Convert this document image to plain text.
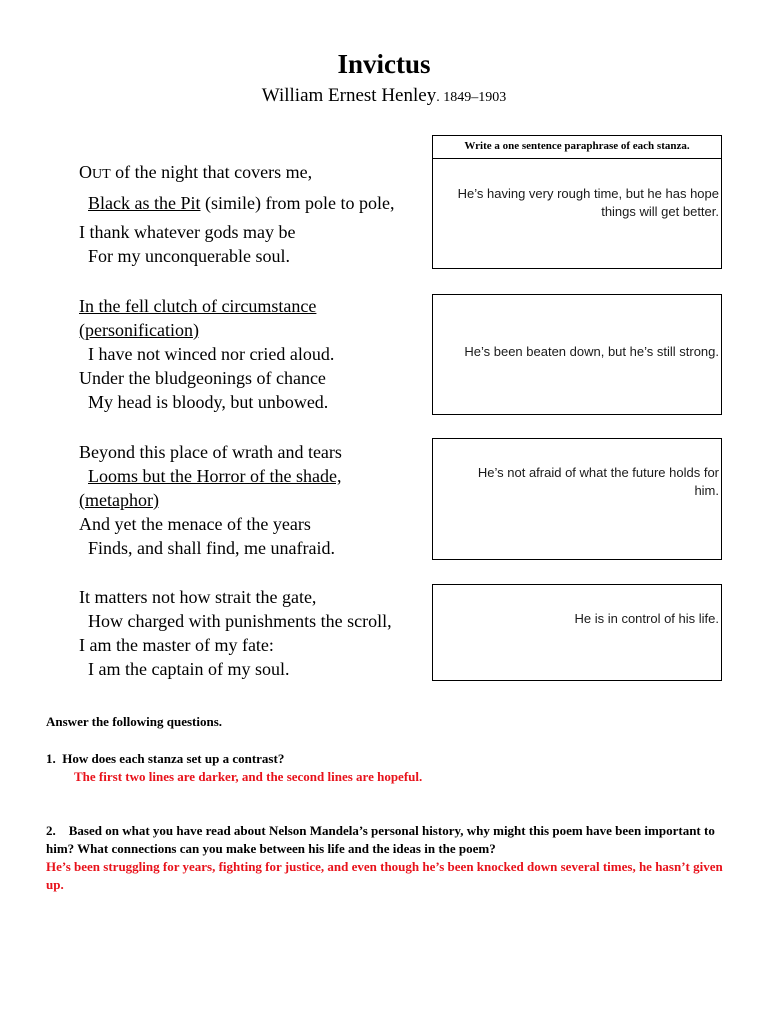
Invictus
William Ernest Henley. 1849–1903
OUT of the night that covers me,
Black as the Pit (simile) from pole to pole,
I thank whatever gods may be
For my unconquerable soul.
In the fell clutch of circumstance
(personification)
I have not winced nor cried aloud.
Under the bludgeonings of chance
My head is bloody, but unbowed.
Beyond this place of wrath and tears
Looms but the Horror of the shade,
(metaphor)
And yet the menace of the years
Finds, and shall find, me unafraid.
It matters not how strait the gate,
How charged with punishments the scroll,
I am the master of my fate:
I am the captain of my soul.
Write a one sentence paraphrase of each stanza.
He’s having very rough time, but he has hope
things will get better.
He’s been beaten down, but he’s still strong.
He’s not afraid of what the future holds for
him.
He is in control of his life.
Answer the following questions.
1. How does each stanza set up a contrast?
The first two lines are darker, and the second lines are hopeful.
2. Based on what you have read about Nelson Mandela’s personal history, why might this poem have been important to him? What connections can you make between his life and the ideas in the poem?
He’s been struggling for years, fighting for justice, and even though he’s been knocked down several times, he hasn’t given up.
